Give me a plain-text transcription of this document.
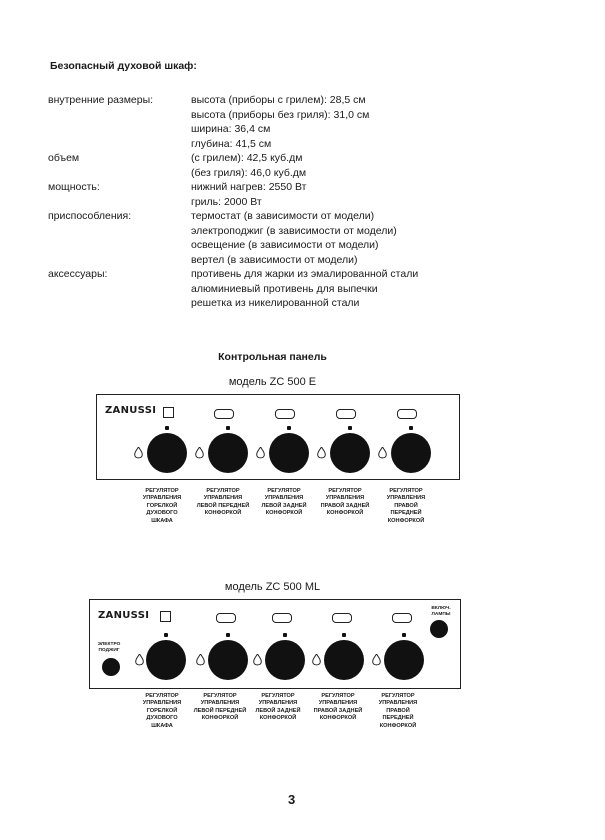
Безопасный духовой шкаф:
внутренние размеры:	высота (приборы с грилем): 28,5 см
высота (приборы без гриля): 31,0 см
ширина: 36,4 см
глубина: 41,5 см
объем	(с грилем): 42,5 куб.дм
(без гриля): 46,0 куб.дм
мощность:	нижний нагрев: 2550 Вт
гриль: 2000 Вт
приспособления:	термостат (в зависимости от модели)
электроподжиг (в зависимости от модели)
освещение (в зависимости от модели)
вертел (в зависимости от модели)
аксессуары:	противень для жарки из эмалированной стали
алюминиевый противень для выпечки
решетка из никелированной стали
Контрольная панель
модель ZC 500 E
ZANUSSI
РЕГУЛЯТОР УПРАВЛЕНИЯ ГОРЕЛКОЙ ДУХОВОГО ШКАФА
РЕГУЛЯТОР УПРАВЛЕНИЯ ЛЕВОЙ ПЕРЕДНЕЙ КОНФОРКОЙ
РЕГУЛЯТОР УПРАВЛЕНИЯ ЛЕВОЙ ЗАДНЕЙ КОНФОРКОЙ
РЕГУЛЯТОР УПРАВЛЕНИЯ ПРАВОЙ ЗАДНЕЙ КОНФОРКОЙ
РЕГУЛЯТОР УПРАВЛЕНИЯ ПРАВОЙ ПЕРЕДНЕЙ КОНФОРКОЙ
модель ZC 500 ML
ZANUSSI
ЭЛЕКТРО ПОДЖИГ
ВКЛЮЧ. ЛАМПЫ
РЕГУЛЯТОР УПРАВЛЕНИЯ ГОРЕЛКОЙ ДУХОВОГО ШКАФА
РЕГУЛЯТОР УПРАВЛЕНИЯ ЛЕВОЙ ПЕРЕДНЕЙ КОНФОРКОЙ
РЕГУЛЯТОР УПРАВЛЕНИЯ ЛЕВОЙ ЗАДНЕЙ КОНФОРКОЙ
РЕГУЛЯТОР УПРАВЛЕНИЯ ПРАВОЙ ЗАДНЕЙ КОНФОРКОЙ
РЕГУЛЯТОР УПРАВЛЕНИЯ ПРАВОЙ ПЕРЕДНЕЙ КОНФОРКОЙ
3
